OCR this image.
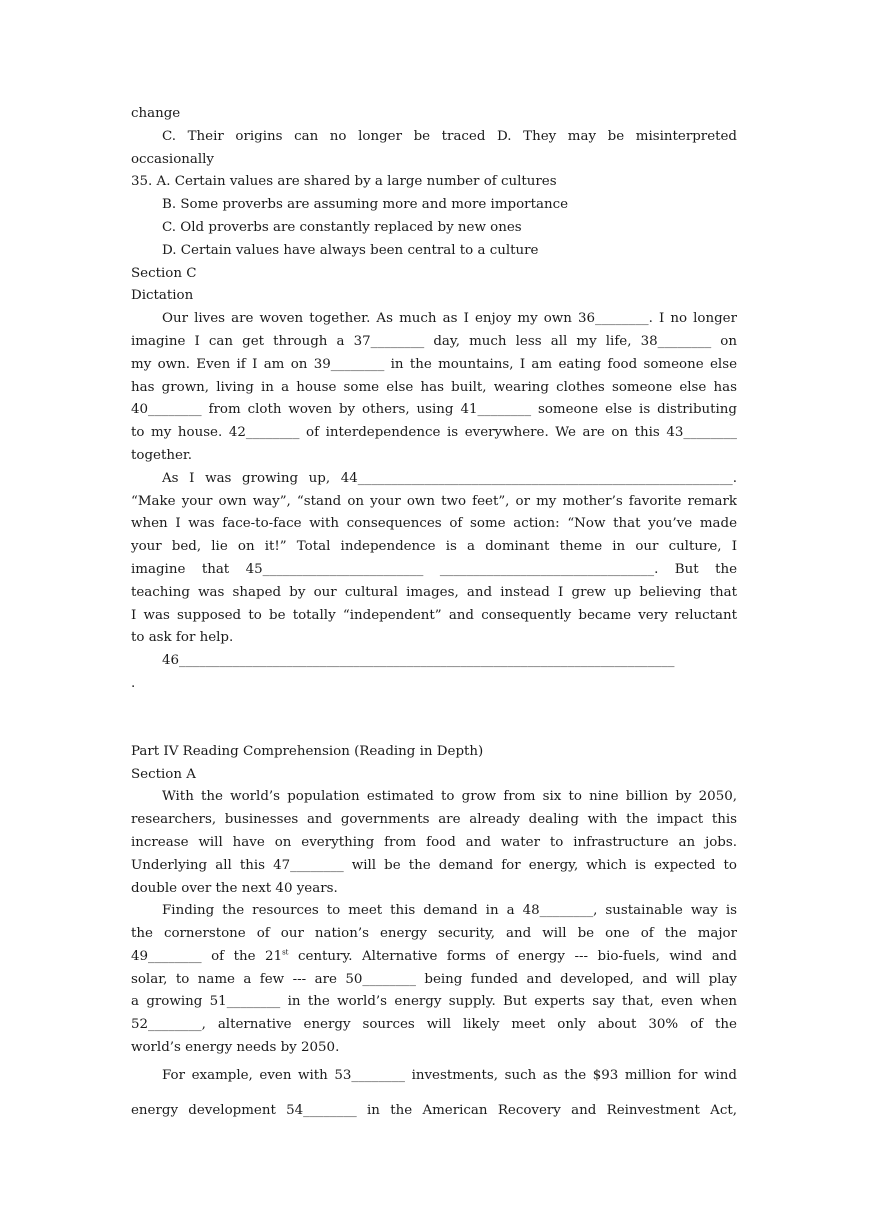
change
C. Their origins can no longer be traced D. They may be misinterpreted
occasionally
35. A. Certain values are shared by a large number of cultures
B. Some proverbs are assuming more and more importance
C. Old proverbs are constantly replaced by new ones
D. Certain values have always been central to a culture
Section C
Dictation
Our lives are woven together. As much as I enjoy my own 36________. I no longer
imagine I can get through a 37________ day, much less all my life, 38________ on
my own. Even if I am on 39________ in the mountains, I am eating food someone else
has grown, living in a house some else has built, wearing clothes someone else has
40________ from cloth woven by others, using 41________ someone else is distributing
to my house. 42________ of interdependence is everywhere. We are on this 43________
together.
As I was growing up, 44________________________________________________________.
“Make your own way”, “stand on your own two feet”, or my mother’s favorite remark
when I was face-to-face with consequences of some action: “Now that you’ve made
your bed, lie on it!” Total independence is a dominant theme in our culture, I
imagine that 45________________________ ________________________________. But the
teaching was shaped by our cultural images, and instead I grew up believing that
I was supposed to be totally “independent” and consequently became very reluctant
to ask for help.
46__________________________________________________________________________
.
Part IV Reading Comprehension (Reading in Depth)
Section A
With the world’s population estimated to grow from six to nine billion by 2050,
researchers, businesses and governments are already dealing with the impact this
increase will have on everything from food and water to infrastructure an jobs.
Underlying all this 47________ will be the demand for energy, which is expected to
double over the next 40 years.
Finding the resources to meet this demand in a 48________, sustainable way is
the cornerstone of our nation’s energy security, and will be one of the major
49________ of the 21st century. Alternative forms of energy --- bio-fuels, wind and
solar, to name a few --- are 50________ being funded and developed, and will play
a growing 51________ in the world’s energy supply. But experts say that, even when
52________, alternative energy sources will likely meet only about 30% of the
world’s energy needs by 2050.
For example, even with 53________ investments, such as the $93 million for wind
energy development 54________ in the American Recovery and Reinvestment Act,
